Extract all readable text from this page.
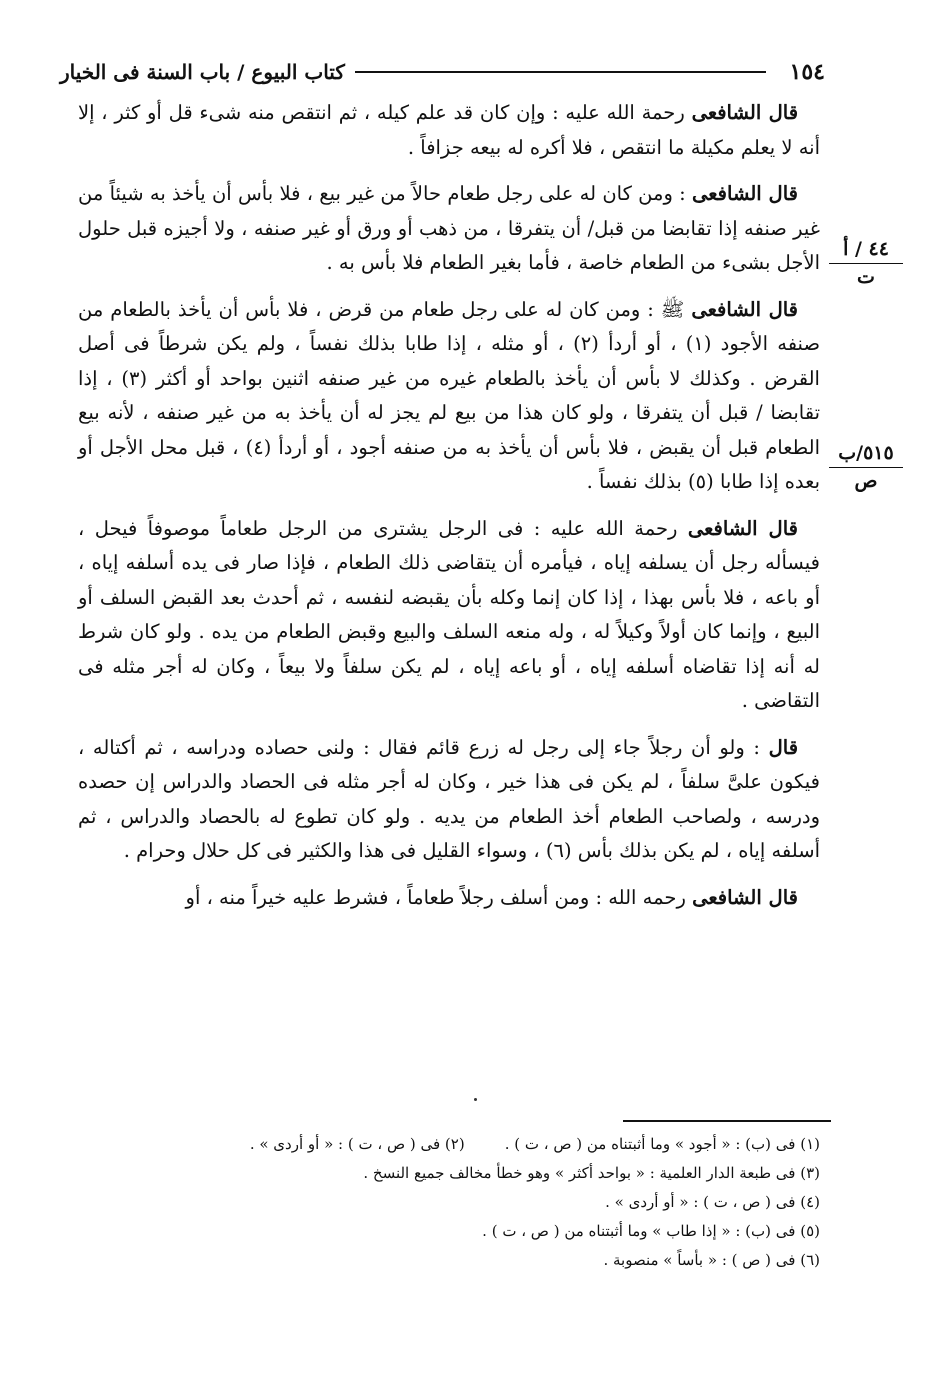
١٥٤
كتاب البيوع / باب السنة فى الخيار
٤٤ / أ
ت
٥١٥/ب
ص

قال الشافعى رحمة الله عليه : وإن كان قد علم كيله ، ثم انتقص منه شىء قل أو كثر ، إلا أنه لا يعلم مكيلة ما انتقص ، فلا أكره له بيعه جزافاً .

قال الشافعى : ومن كان له على رجل طعام حالاً من غير بيع ، فلا بأس أن يأخذ به شيئاً من غير صنفه إذا تقابضا من قبل/ أن يتفرقا ، من ذهب أو ورق أو غير صنفه ، ولا أجيزه قبل حلول الأجل بشىء من الطعام خاصة ، فأما بغير الطعام فلا بأس به .

قال الشافعى ﷺ : ومن كان له على رجل طعام من قرض ، فلا بأس أن يأخذ بالطعام من صنفه الأجود (١) ، أو أردأ (٢) ، أو مثله ، إذا طابا بذلك نفساً ، ولم يكن شرطاً فى أصل القرض . وكذلك لا بأس أن يأخذ بالطعام غيره من غير صنفه اثنين بواحد أو أكثر (٣) ، إذا تقابضا / قبل أن يتفرقا ، ولو كان هذا من بيع لم يجز له أن يأخذ به من غير صنفه ، لأنه بيع الطعام قبل أن يقبض ، فلا بأس أن يأخذ به من صنفه أجود ، أو أردأ (٤) ، قبل محل الأجل أو بعده إذا طابا (٥) بذلك نفساً .

قال الشافعى رحمة الله عليه : فى الرجل يشترى من الرجل طعاماً موصوفاً فيحل ، فيسأله رجل أن يسلفه إياه ، فيأمره أن يتقاضى ذلك الطعام ، فإذا صار فى يده أسلفه إياه ، أو باعه ، فلا بأس بهذا ، إذا كان إنما وكله بأن يقبضه لنفسه ، ثم أحدث بعد القبض السلف أو البيع ، وإنما كان أولاً وكيلاً له ، وله منعه السلف والبيع وقبض الطعام من يده . ولو كان شرط له أنه إذا تقاضاه أسلفه إياه ، أو باعه إياه ، لم يكن سلفاً ولا بيعاً ، وكان له أجر مثله فى التقاضى .

قال : ولو أن رجلاً جاء إلى رجل له زرع قائم فقال : ولنى حصاده ودراسه ، ثم أكتاله ، فيكون علىَّ سلفاً ، لم يكن فى هذا خير ، وكان له أجر مثله فى الحصاد والدراس إن حصده ودرسه ، ولصاحب الطعام أخذ الطعام من يديه . ولو كان تطوع له بالحصاد والدراس ، ثم أسلفه إياه ، لم يكن بذلك بأس (٦) ، وسواء القليل فى هذا والكثير فى كل حلال وحرام .

قال الشافعى رحمه الله : ومن أسلف رجلاً طعاماً ، فشرط عليه خيراً منه ، أو

(١) فى (ب) : « أجود » وما أثبتناه من ( ص ، ت ) .
(٢) فى ( ص ، ت ) : « أو أردى » .
(٣) فى طبعة الدار العلمية : « بواحد أكثر » وهو خطأ مخالف جميع النسخ .
(٤) فى ( ص ، ت ) : « أو أردى » .
(٥) فى (ب) : « إذا طاب » وما أثبتناه من ( ص ، ت ) .
(٦) فى ( ص ) : « بأساً » منصوبة .
